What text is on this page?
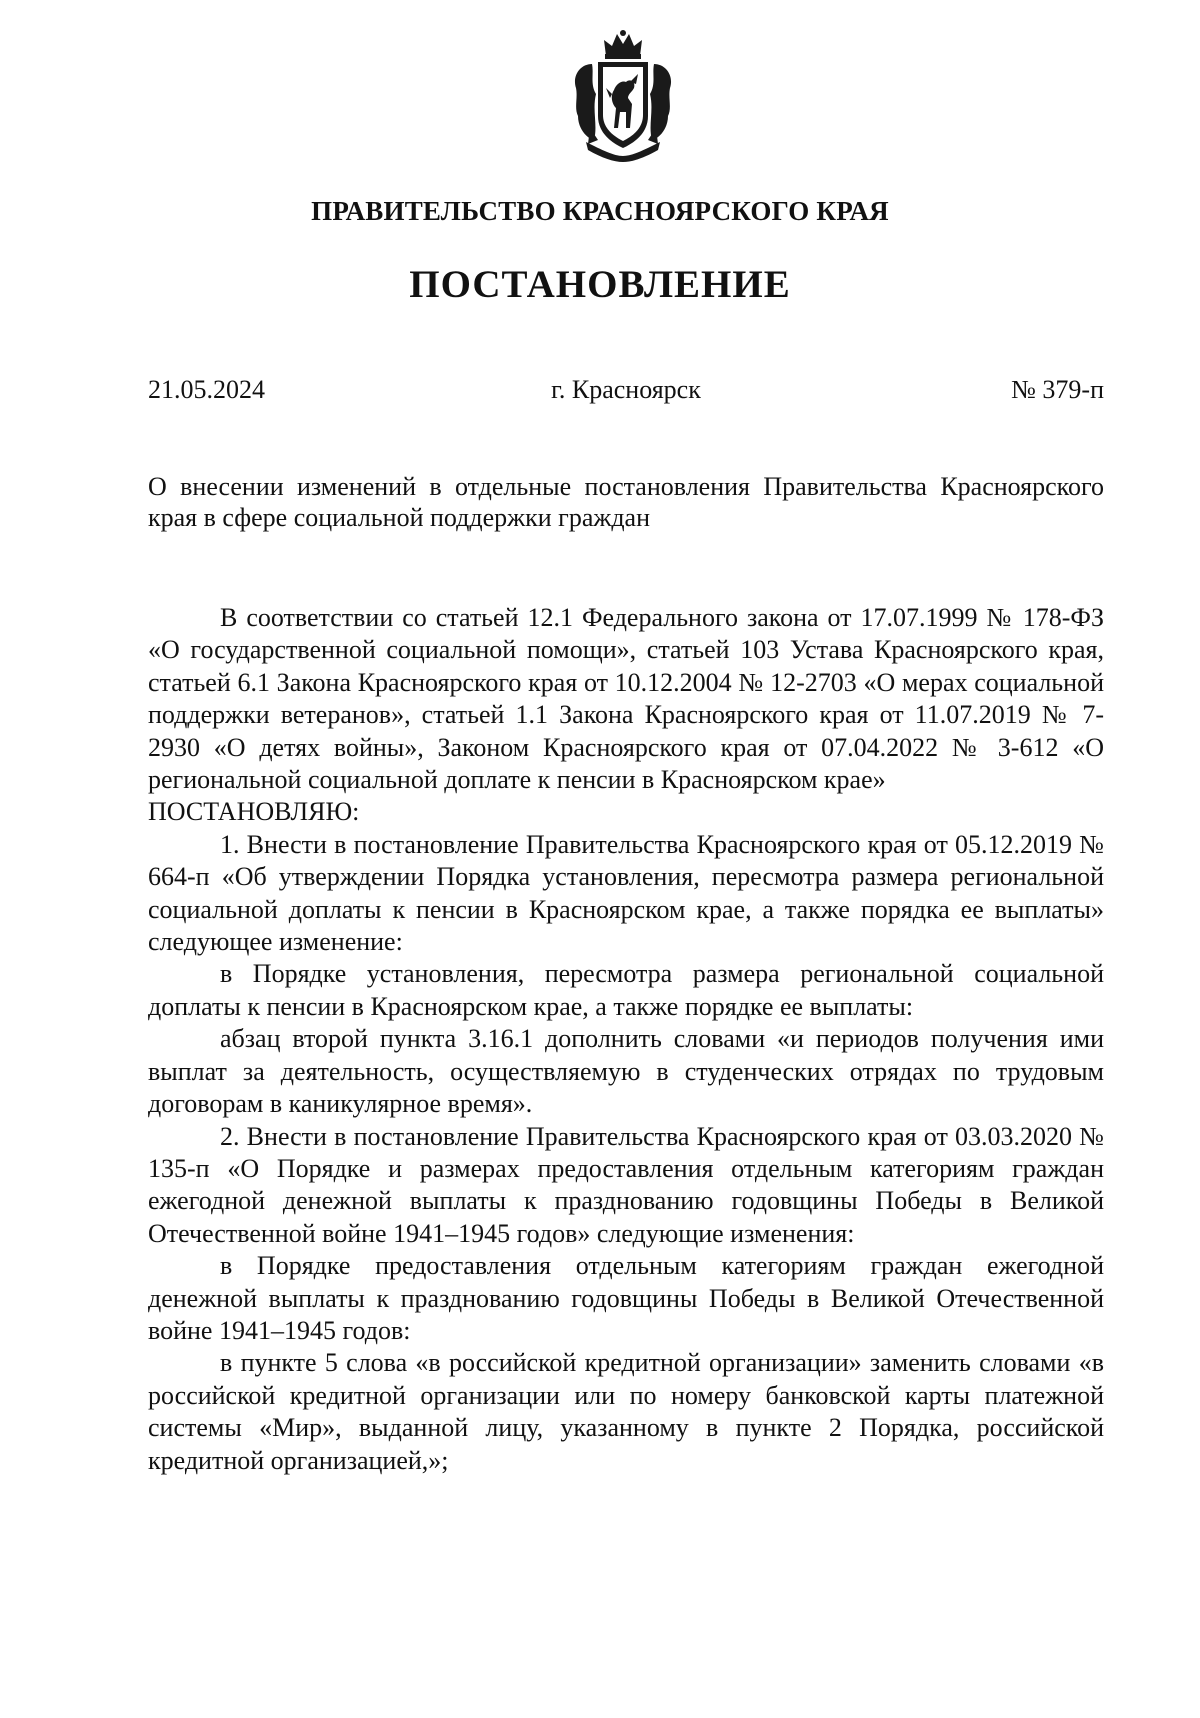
ПРАВИТЕЛЬСТВО КРАСНОЯРСКОГО КРАЯ
ПОСТАНОВЛЕНИЕ
21.05.2024	г. Красноярск	№ 379-п
О внесении изменений в отдельные постановления Правительства Красноярского края в сфере социальной поддержки граждан

В соответствии со статьей 12.1 Федерального закона от 17.07.1999 № 178-ФЗ «О государственной социальной помощи», статьей 103 Устава Красноярского края, статьей 6.1 Закона Красноярского края от 10.12.2004 № 12-2703 «О мерах социальной поддержки ветеранов», статьей 1.1 Закона Красноярского края от 11.07.2019 № 7-2930 «О детях войны», Законом Красноярского края от 07.04.2022 № 3-612 «О региональной социальной доплате к пенсии в Красноярском крае»

ПОСТАНОВЛЯЮ:

1. Внести в постановление Правительства Красноярского края от 05.12.2019 № 664-п «Об утверждении Порядка установления, пересмотра размера региональной социальной доплаты к пенсии в Красноярском крае, а также порядка ее выплаты» следующее изменение:

в Порядке установления, пересмотра размера региональной социальной доплаты к пенсии в Красноярском крае, а также порядке ее выплаты:

абзац второй пункта 3.16.1 дополнить словами «и периодов получения ими выплат за деятельность, осуществляемую в студенческих отрядах по трудовым договорам в каникулярное время».

2. Внести в постановление Правительства Красноярского края от 03.03.2020 № 135-п «О Порядке и размерах предоставления отдельным категориям граждан ежегодной денежной выплаты к празднованию годовщины Победы в Великой Отечественной войне 1941–1945 годов» следующие изменения:

в Порядке предоставления отдельным категориям граждан ежегодной денежной выплаты к празднованию годовщины Победы в Великой Отечественной войне 1941–1945 годов:

в пункте 5 слова «в российской кредитной организации» заменить словами «в российской кредитной организации или по номеру банковской карты платежной системы «Мир», выданной лицу, указанному в пункте 2 Порядка, российской кредитной организацией,»;
